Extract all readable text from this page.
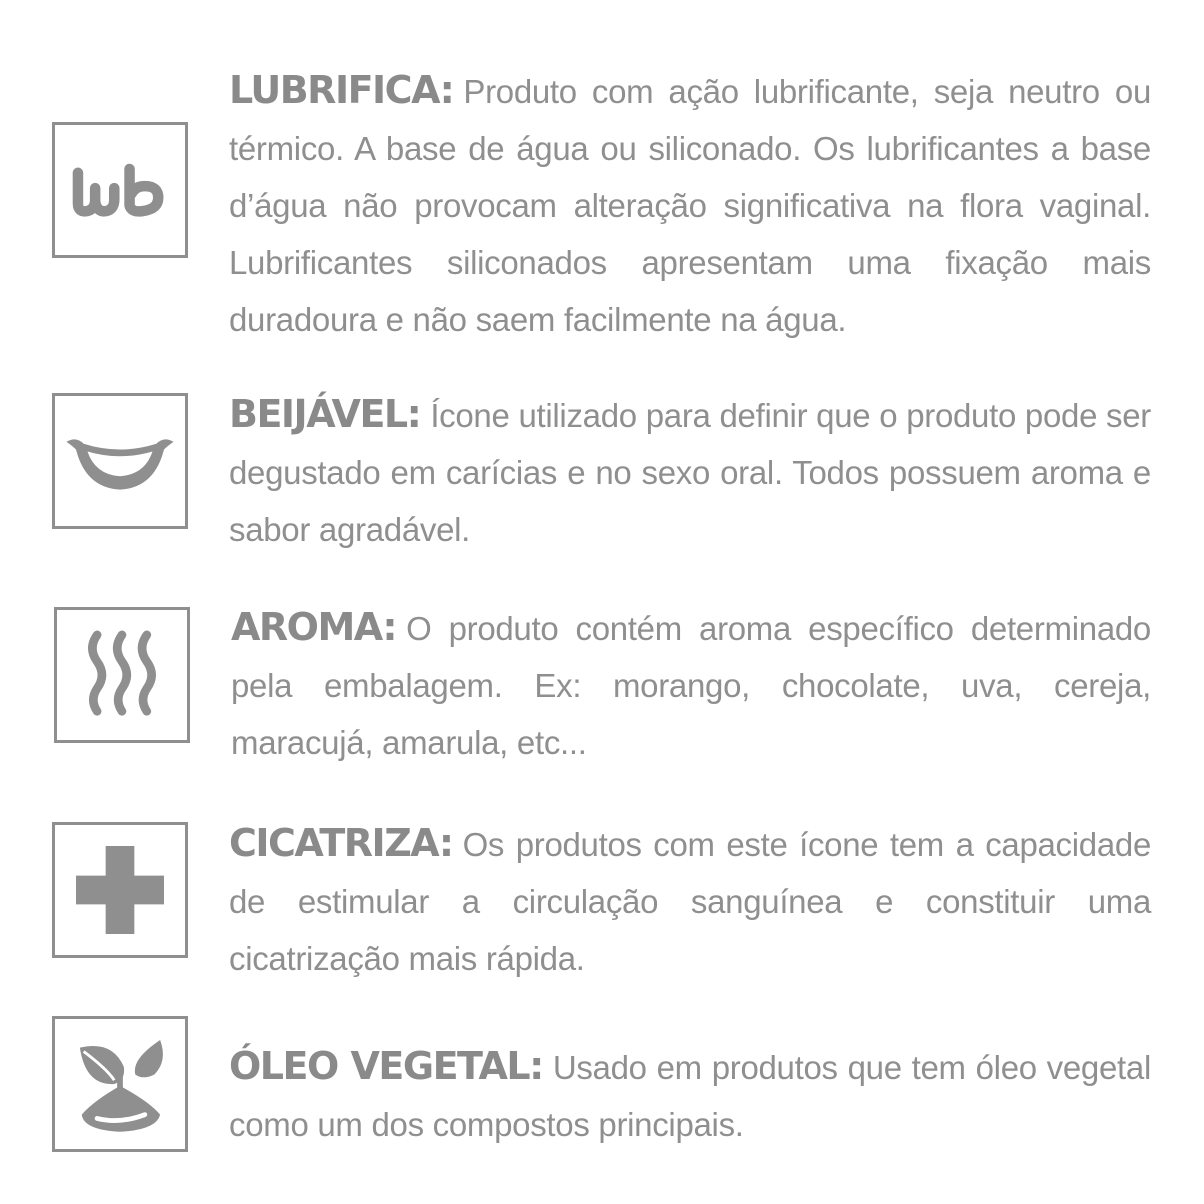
LUBRIFICA: Produto com ação lubrificante, seja neutro ou térmico. A base de água ou siliconado. Os lubrificantes a base d’água não provocam alteração significativa na flora vaginal. Lubrificantes siliconados apresentam uma fixação mais duradoura e não saem facilmente na água.
BEIJÁVEL: Ícone utilizado para definir que o produto pode ser degustado em carícias e no sexo oral. Todos possuem aroma e sabor agradável.
AROMA: O produto contém aroma específico determinado pela embalagem. Ex: morango, chocolate, uva, cereja, maracujá, amarula, etc...
CICATRIZA: Os produtos com este ícone tem a capacidade de estimular a circulação sanguínea e constituir uma cicatrização mais rápida.
ÓLEO VEGETAL: Usado em produtos que tem óleo vegetal como um dos compostos principais.
